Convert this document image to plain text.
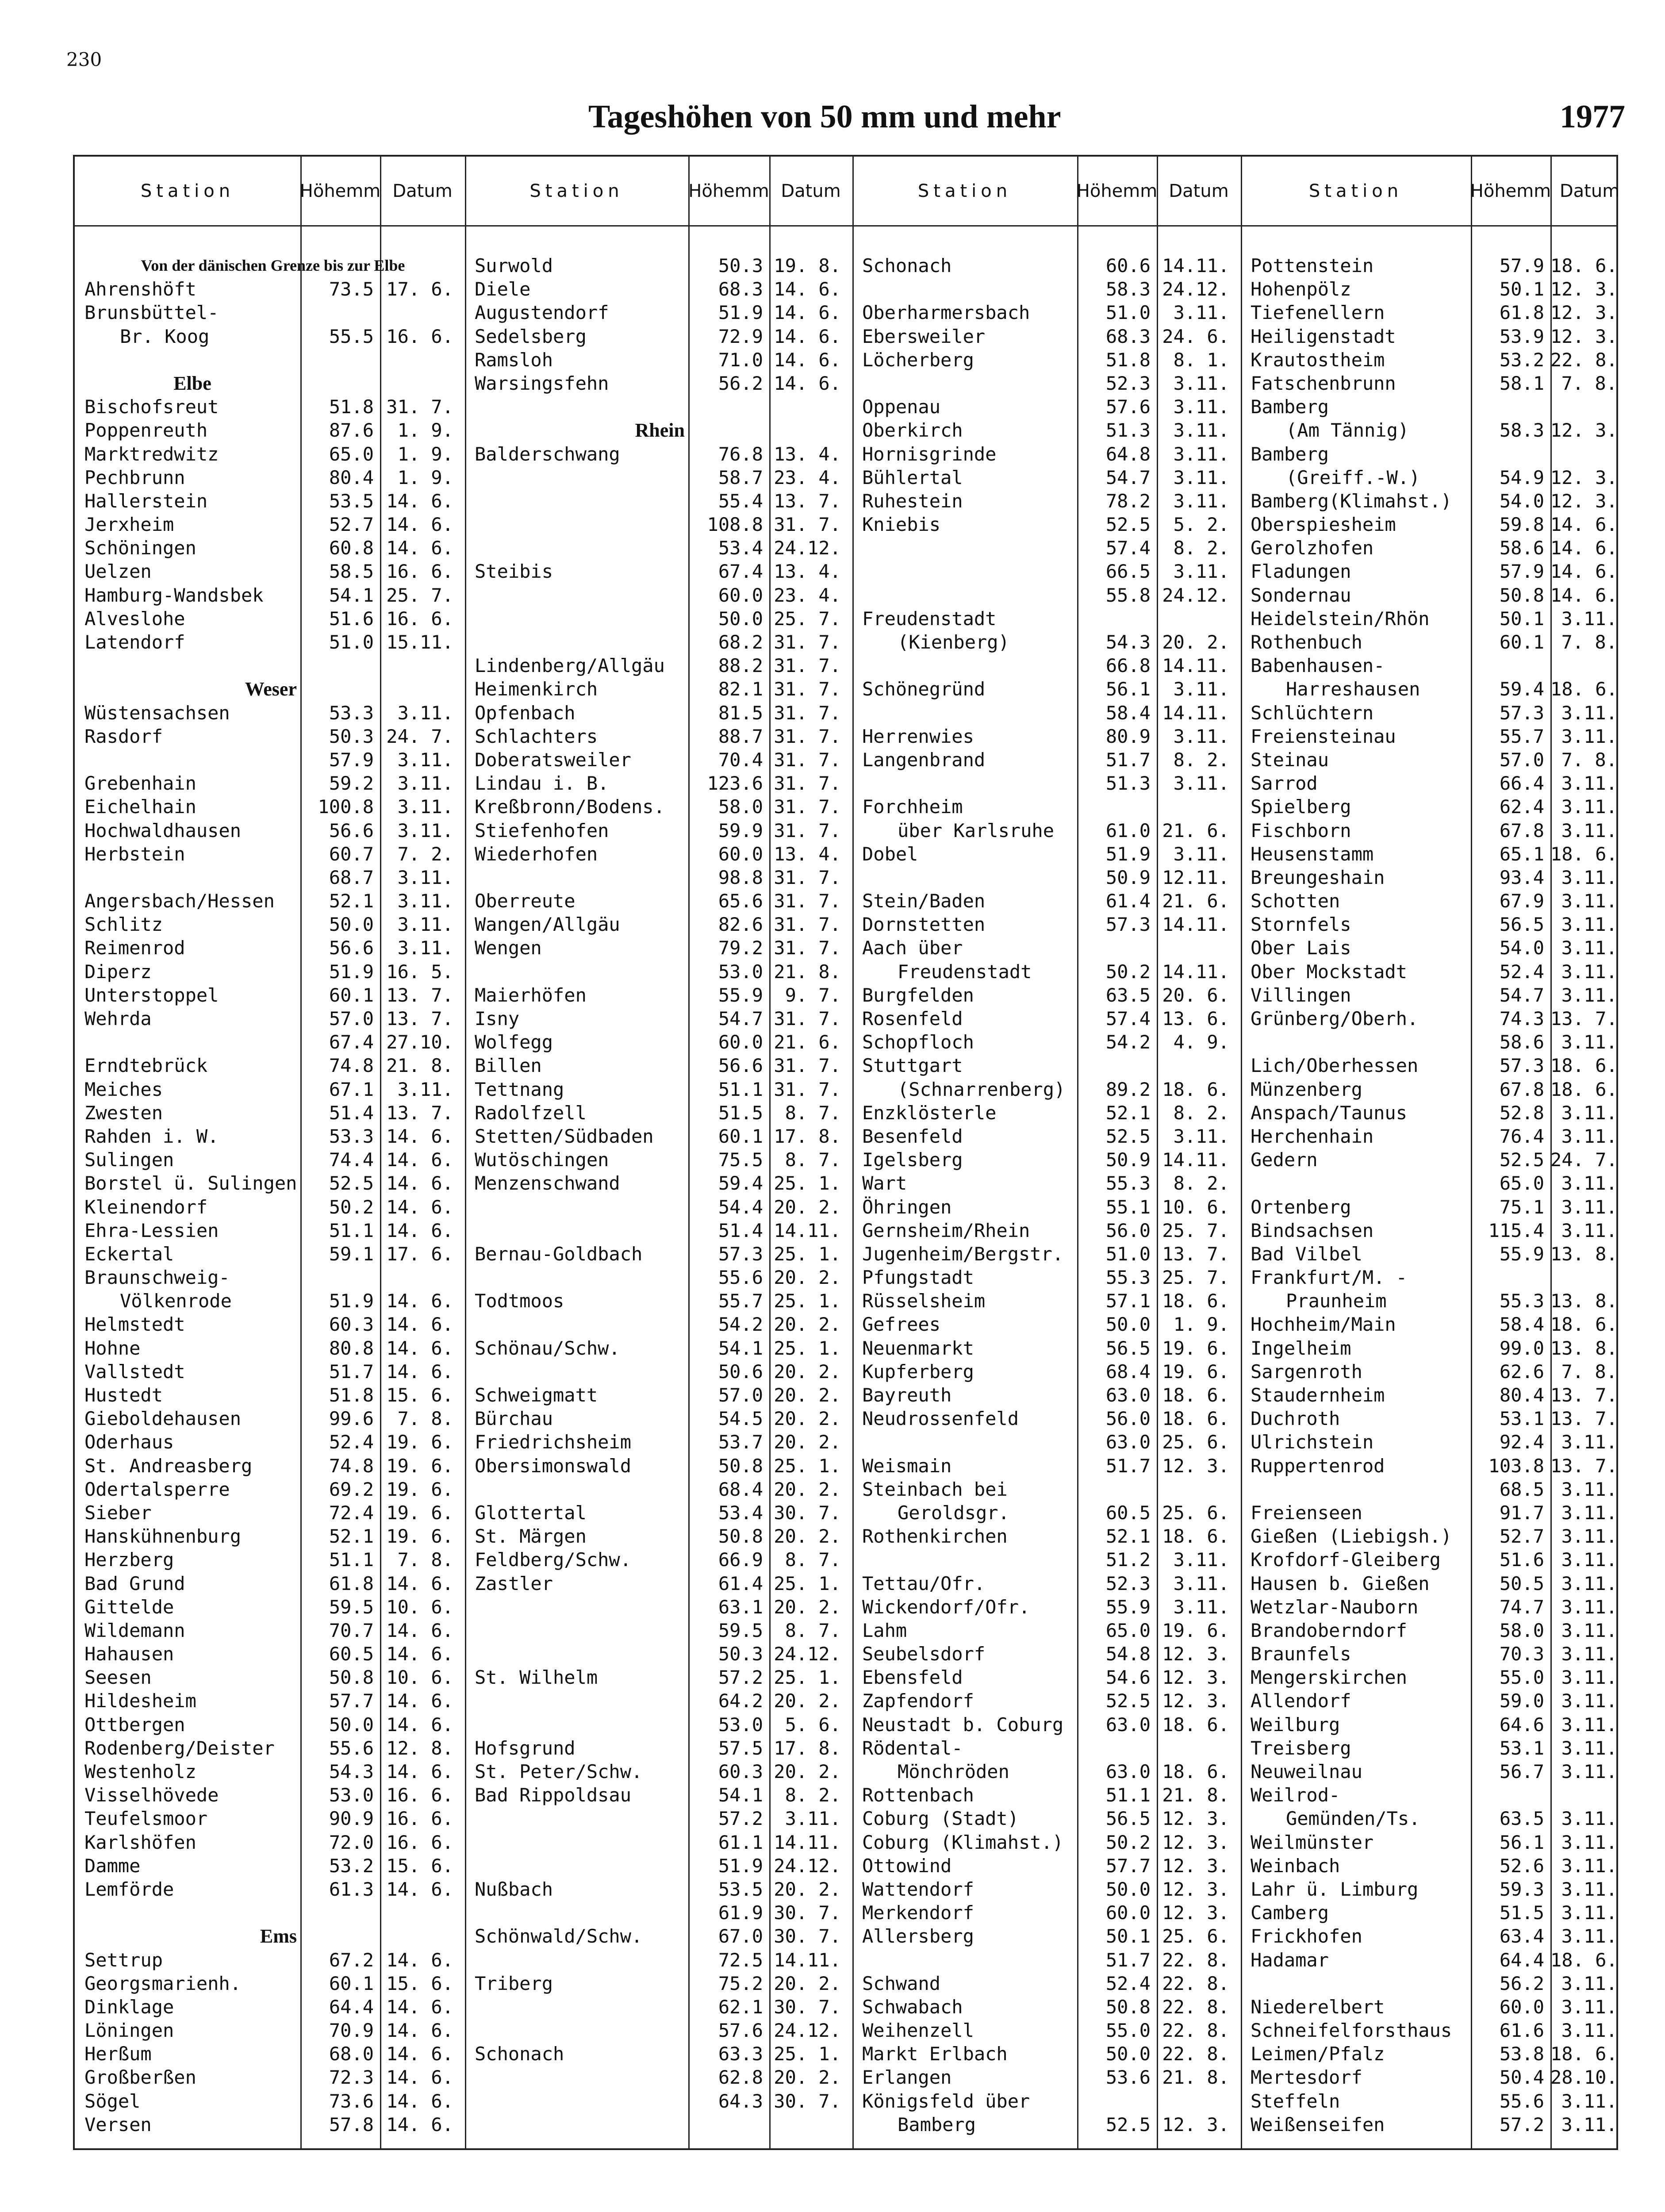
230
Tageshöhen von 50 mm und mehr	1977
Station	Höhe mm Datum
Von der dänischen Grenze bis zur Elbe
Ahrenshöft	73.5 17. 6.
Brunsbüttel-
Br. Koog	55.5 16. 6.
Elbe
Bischofsreut	51.8 31. 7.
Poppenreuth	87.6	1. 9.
Marktredwitz	65.0	1. 9.
Pechbrunn	80.4	1. 9.
Hallerstein	53.5 14. 6.
Jerxheim	52.7 14. 6.
Schöningen	60.8 14. 6.
Uelzen	58.5 16. 6.
Hamburg-Wandsbek	54.1 25. 7.
Alveslohe	51.6 16. 6.
Latendorf	51.0 15.11.
Weser
Wüstensachsen	53.3	3.11.
Rasdorf	50.3 24. 7.
57.9	3.11.
Grebenhain	59.2	3.11.
Eichelhain	100.8	3.11.
Hochwaldhausen	56.6	3.11.
Herbstein	60.7	7. 2.
68.7	3.11.
Angersbach/Hessen	52.1	3.11.
Schlitz	50.0	3.11.
Reimenrod	56.6	3.11.
Diperz	51.9 16. 5.
Unterstoppel	60.1 13. 7.
Wehrda	57.0 13. 7.
67.4 27.10.
Erndtebrück	74.8 21. 8.
Meiches	67.1	3.11.
Zwesten	51.4 13. 7.
Rahden i. W.	53.3 14. 6.
Sulingen	74.4 14. 6.
Borstel ü. Sulingen	52.5 14. 6.
Kleinendorf	50.2 14. 6.
Ehra-Lessien	51.1 14. 6.
Eckertal	59.1 17. 6.
Braunschweig-
Völkenrode	51.9 14. 6.
Helmstedt	60.3 14. 6.
Hohne	80.8 14. 6.
Vallstedt	51.7 14. 6.
Hustedt	51.8 15. 6.
Gieboldehausen	99.6	7. 8.
Oderhaus	52.4 19. 6.
St. Andreasberg	74.8 19. 6.
Odertalsperre	69.2 19. 6.
Sieber	72.4 19. 6.
Hanskühnenburg	52.1 19. 6.
Herzberg	51.1	7. 8.
Bad Grund	61.8 14. 6.
Gittelde	59.5 10. 6.
Wildemann	70.7 14. 6.
Hahausen	60.5 14. 6.
Seesen	50.8 10. 6.
Hildesheim	57.7 14. 6.
Ottbergen	50.0 14. 6.
Rodenberg/Deister	55.6 12. 8.
Westenholz	54.3 14. 6.
Visselhövede	53.0 16. 6.
Teufelsmoor	90.9 16. 6.
Karlshöfen	72.0 16. 6.
Damme	53.2 15. 6.
Lemförde	61.3 14. 6.
Ems
Settrup	67.2 14. 6.
Georgsmarienh.	60.1 15. 6.
Dinklage	64.4 14. 6.
Löningen	70.9 14. 6.
Herßum	68.0 14. 6.
Großberßen	72.3 14. 6.
Sögel	73.6 14. 6.
Versen	57.8 14. 6.
Station	Höhe mm Datum
Surwold	50.3 19. 8.
Diele	68.3 14. 6.
Augustendorf	51.9 14. 6.
Sedelsberg	72.9 14. 6.
Ramsloh	71.0 14. 6.
Warsingsfehn	56.2 14. 6.
Rhein
Balderschwang	76.8 13. 4.
58.7 23. 4.
55.4 13. 7.
108.8 31. 7.
53.4 24.12.
Steibis	67.4 13. 4.
60.0 23. 4.
50.0 25. 7.
68.2 31. 7.
Lindenberg/Allgäu	88.2 31. 7.
Heimenkirch	82.1 31. 7.
Opfenbach	81.5 31. 7.
Schlachters	88.7 31. 7.
Doberatsweiler	70.4 31. 7.
Lindau i. B.	123.6 31. 7.
Kreßbronn/Bodens.	58.0 31. 7.
Stiefenhofen	59.9 31. 7.
Wiederhofen	60.0 13. 4.
98.8 31. 7.
Oberreute	65.6 31. 7.
Wangen/Allgäu	82.6 31. 7.
Wengen	79.2 31. 7.
53.0 21. 8.
Maierhöfen	55.9	9. 7.
Isny	54.7 31. 7.
Wolfegg	60.0 21. 6.
Billen	56.6 31. 7.
Tettnang	51.1 31. 7.
Radolfzell	51.5	8. 7.
Stetten/Südbaden	60.1 17. 8.
Wutöschingen	75.5	8. 7.
Menzenschwand	59.4 25. 1.
54.4 20. 2.
51.4 14.11.
Bernau-Goldbach	57.3 25. 1.
55.6 20. 2.
Todtmoos	55.7 25. 1.
54.2 20. 2.
Schönau/Schw.	54.1 25. 1.
50.6 20. 2.
Schweigmatt	57.0 20. 2.
Bürchau	54.5 20. 2.
Friedrichsheim	53.7 20. 2.
Obersimonswald	50.8 25. 1.
68.4 20. 2.
Glottertal	53.4 30. 7.
St. Märgen	50.8 20. 2.
Feldberg/Schw.	66.9	8. 7.
Zastler	61.4 25. 1.
63.1 20. 2.
59.5	8. 7.
50.3 24.12.
St. Wilhelm	57.2 25. 1.
64.2 20. 2.
53.0	5. 6.
Hofsgrund	57.5 17. 8.
St. Peter/Schw.	60.3 20. 2.
Bad Rippoldsau	54.1	8. 2.
57.2	3.11.
61.1 14.11.
51.9 24.12.
Nußbach	53.5 20. 2.
61.9 30. 7.
Schönwald/Schw.	67.0 30. 7.
72.5 14.11.
Triberg	75.2 20. 2.
62.1 30. 7.
57.6 24.12.
Schonach	63.3 25. 1.
62.8 20. 2.
64.3 30. 7.
Station	Höhe mm Datum
Schonach	60.6 14.11.
58.3 24.12.
Oberharmersbach	51.0	3.11.
Ebersweiler	68.3 24. 6.
Löcherberg	51.8	8. 1.
52.3	3.11.
Oppenau	57.6	3.11.
Oberkirch	51.3	3.11.
Hornisgrinde	64.8	3.11.
Bühlertal	54.7	3.11.
Ruhestein	78.2	3.11.
Kniebis	52.5	5. 2.
57.4	8. 2.
66.5	3.11.
55.8 24.12.
Freudenstadt
(Kienberg)	54.3 20. 2.
66.8 14.11.
Schönegründ	56.1	3.11.
58.4 14.11.
Herrenwies	80.9	3.11.
Langenbrand	51.7	8. 2.
51.3	3.11.
Forchheim
über Karlsruhe	61.0 21. 6.
Dobel	51.9	3.11.
50.9 12.11.
Stein/Baden	61.4 21. 6.
Dornstetten	57.3 14.11.
Aach über
Freudenstadt	50.2 14.11.
Burgfelden	63.5 20. 6.
Rosenfeld	57.4 13. 6.
Schopfloch	54.2	4. 9.
Stuttgart
(Schnarrenberg)	89.2 18. 6.
Enzklösterle	52.1	8. 2.
Besenfeld	52.5	3.11.
Igelsberg	50.9 14.11.
Wart	55.3	8. 2.
Öhringen	55.1 10. 6.
Gernsheim/Rhein	56.0 25. 7.
Jugenheim/Bergstr.	51.0 13. 7.
Pfungstadt	55.3 25. 7.
Rüsselsheim	57.1 18. 6.
Gefrees	50.0	1. 9.
Neuenmarkt	56.5 19. 6.
Kupferberg	68.4 19. 6.
Bayreuth	63.0 18. 6.
Neudrossenfeld	56.0 18. 6.
63.0 25. 6.
Weismain	51.7 12. 3.
Steinbach bei
Geroldsgr.	60.5 25. 6.
Rothenkirchen	52.1 18. 6.
51.2	3.11.
Tettau/Ofr.	52.3	3.11.
Wickendorf/Ofr.	55.9	3.11.
Lahm	65.0 19. 6.
Seubelsdorf	54.8 12. 3.
Ebensfeld	54.6 12. 3.
Zapfendorf	52.5 12. 3.
Neustadt b. Coburg	63.0 18. 6.
Rödental-
Mönchröden	63.0 18. 6.
Rottenbach	51.1 21. 8.
Coburg (Stadt)	56.5 12. 3.
Coburg (Klimahst.)	50.2 12. 3.
Ottowind	57.7 12. 3.
Wattendorf	50.0 12. 3.
Merkendorf	60.0 12. 3.
Allersberg	50.1 25. 6.
51.7 22. 8.
Schwand	52.4 22. 8.
Schwabach	50.8 22. 8.
Weihenzell	55.0 22. 8.
Markt Erlbach	50.0 22. 8.
Erlangen	53.6 21. 8.
Königsfeld über
Bamberg	52.5 12. 3.
Station	Höhe mm Datum
Pottenstein	57.9 18. 6.
Hohenpölz	50.1 12. 3.
Tiefenellern	61.8 12. 3.
Heiligenstadt	53.9 12. 3.
Krautostheim	53.2 22. 8.
Fatschenbrunn	58.1 7. 8.
Bamberg
(Am Tännig)	58.3 12. 3.
Bamberg
(Greiff.-W.)	54.9 12. 3.
Bamberg(Klimahst.)	54.0 12. 3.
Oberspiesheim	59.8 14. 6.
Gerolzhofen	58.6 14. 6.
Fladungen	57.9 14. 6.
Sondernau	50.8 14. 6.
Heidelstein/Rhön	50.1 3.11.
Rothenbuch	60.1 7. 8.
Babenhausen-
Harreshausen	59.4 18. 6.
Schlüchtern	57.3 3.11.
Freiensteinau	55.7 3.11.
Steinau	57.0 7. 8.
Sarrod	66.4 3.11.
Spielberg	62.4 3.11.
Fischborn	67.8 3.11.
Heusenstamm	65.1 18. 6.
Breungeshain	93.4 3.11.
Schotten	67.9 3.11.
Stornfels	56.5 3.11.
Ober Lais	54.0 3.11.
Ober Mockstadt	52.4 3.11.
Villingen	54.7 3.11.
Grünberg/Oberh.	74.3 13. 7.
58.6 3.11.
Lich/Oberhessen	57.3 18. 6.
Münzenberg	67.8 18. 6.
Anspach/Taunus	52.8 3.11.
Herchenhain	76.4 3.11.
Gedern	52.5 24. 7.
65.0 3.11.
Ortenberg	75.1 3.11.
Bindsachsen	115.4 3.11.
Bad Vilbel	55.9 13. 8.
Frankfurt/M. -
Praunheim	55.3 13. 8.
Hochheim/Main	58.4 18. 6.
Ingelheim	99.0 13. 8.
Sargenroth	62.6 7. 8.
Staudernheim	80.4 13. 7.
Duchroth	53.1 13. 7.
Ulrichstein	92.4 3.11.
Ruppertenrod	103.8 13. 7.
68.5 3.11.
Freienseen	91.7 3.11.
Gießen (Liebigsh.)	52.7 3.11.
Krofdorf-Gleiberg	51.6 3.11.
Hausen b. Gießen	50.5 3.11.
Wetzlar-Nauborn	74.7 3.11.
Brandoberndorf	58.0 3.11.
Braunfels	70.3 3.11.
Mengerskirchen	55.0 3.11.
Allendorf	59.0 3.11.
Weilburg	64.6 3.11.
Treisberg	53.1 3.11.
Neuweilnau	56.7 3.11.
Weilrod-
Gemünden/Ts.	63.5 3.11.
Weilmünster	56.1 3.11.
Weinbach	52.6 3.11.
Lahr ü. Limburg	59.3 3.11.
Camberg	51.5 3.11.
Frickhofen	63.4 3.11.
Hadamar	64.4 18. 6.
56.2 3.11.
Niederelbert	60.0 3.11.
Schneifelforsthaus	61.6 3.11.
Leimen/Pfalz	53.8 18. 6.
Mertesdorf	50.4 28.10.
Steffeln	55.6 3.11.
Weißenseifen	57.2 3.11.
